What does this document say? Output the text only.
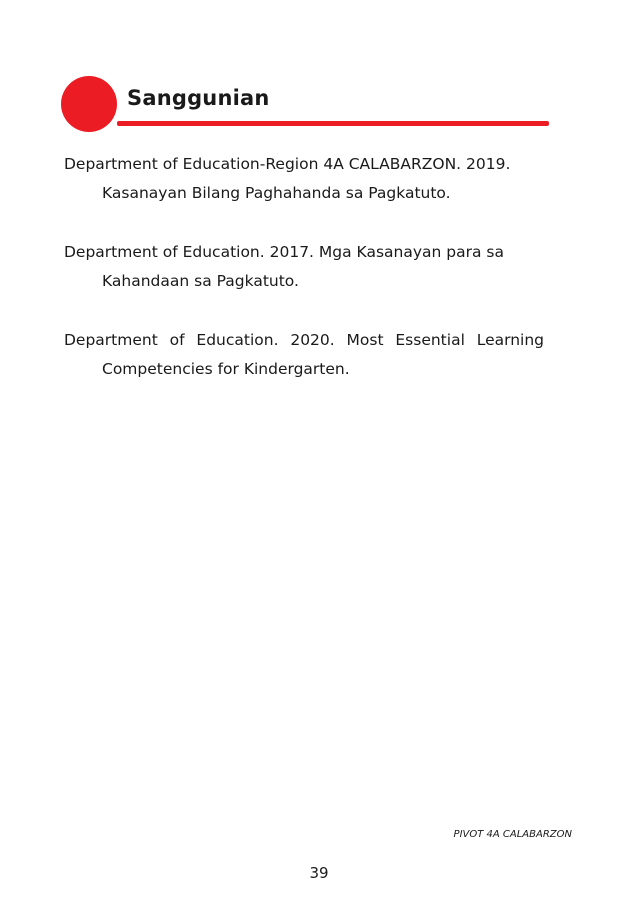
Sanggunian

Department of Education-Region 4A CALABARZON. 2019. Kasanayan Bilang Paghahanda sa Pagkatuto.

Department of Education. 2017. Mga Kasanayan para sa Kahandaan sa Pagkatuto.

Department of Education. 2020. Most Essential Learning Competencies for Kindergarten.

PIVOT 4A CALABARZON
39
